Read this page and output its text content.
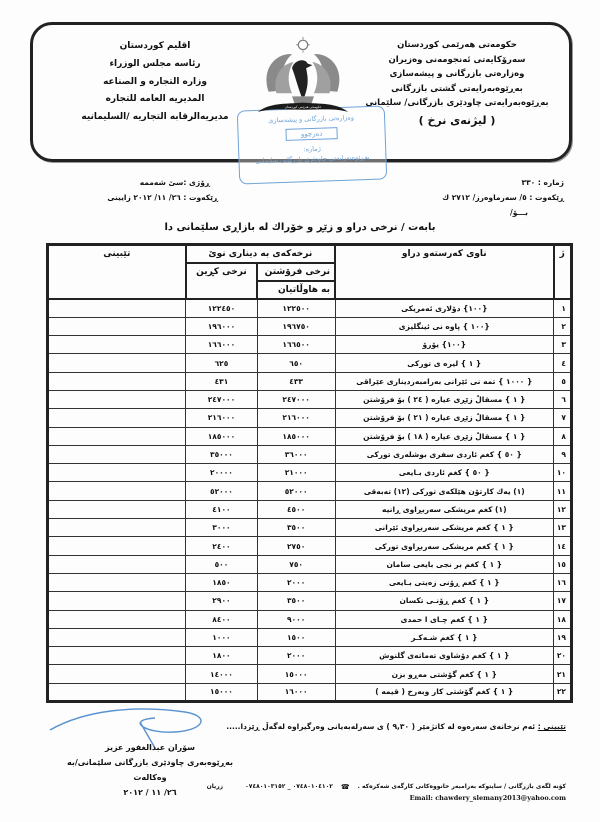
حکومەتی هەرێمی کوردستان
سەرۆکایەتی ئەنجومەنی وەزیران
وەزارەتی بازرگانی و پیشەسازی
بەڕێوەبەرایەتی گشتی بازرگانی
بەڕێوەبەرایەتی چاودێری بازرگانی/ سلێمانی
( لیژنەی نرخ )
اقليم كوردستان
رئاسه مجلس الوزراء
وزاره التجاره و الصناعه
المديريه العامه للتجاره
مديريه‌الرقابه التجاريه /السليمانيه
حکومەتی هەرێمی کوردستان
وەزارەتی بازرگانی و پیشەسازی
دەرچوو
ژمارە:
بەڕێوەبەرایەتی چاودێری بازرگانی سلێمانی
ژمارە : ٣٣٠
ڕێکەوت : ٥/ سەرماوەرز/ ٢٧١٢ ك
بـــۆ/
ڕۆژی :سێ شەممە
ڕێکەوت : ٢٦/ ١١/ ٢٠١٢ زایینی
بابەت / نرخی دراو و زێڕ و خۆراك لە بازاڕی سلێمانی دا
ژ	ناوی کەرستەو دراو	نرخەکەی بە دیناری نوێ		تێبینی
		نرخی فرۆشتن	نرخی کڕین	
		بە هاوڵاتیان		
١	{١٠٠} دۆلاری ئەمریکی	١٢٢٥٠٠	١٢٢٤٥٠	
٢	{١٠٠ } پاوە نی ئینگلیزی	١٩٦٧٥٠	١٩٦٠٠٠	
٣	{١٠٠} یۆرۆ	١٦٦٥٠٠	١٦٦٠٠٠	
٤	{ ١ } لیرە ی تورکی	٦٥٠	٦٢٥	
٥	{ ١٠٠٠ } تمە نی ئێرانی بەرامبەردیناری عێراقی	٤٣٣	٤٣١	
٦	{ ١ } مسقالٌ زێڕی عیارە ( ٢٤ ) بۆ فرۆشتن	٢٤٧٠٠٠	٢٤٧٠٠٠	
٧	{ ١ } مسقالٌ زێڕی عیارە ( ٢١ ) بۆ فرۆشتن	٢١٦٠٠٠	٢١٦٠٠٠	
٨	{ ١ } مسقالٌ زێڕی عیارە ( ١٨ ) بۆ فرۆشتن	١٨٥٠٠٠	١٨٥٠٠٠	
٩	{ ٥٠ } کغم ئاردی سفری بوشلەری تورکی	٣٦٠٠٠	٣٥٠٠٠	
١٠	{ ٥٠ } کغم ئاردی بـایعی	٢١٠٠٠	٢٠٠٠٠	
١١	(١) یەك کارتۆن هێلکەی تورکی (١٢) تەبەقی	٥٢٠٠٠	٥٢٠٠٠	
١٢	(١) کغم مریشکی سەربڕاوی ڕانیە	٤٥٠٠	٤١٠٠	
١٣	{ ١ } کغم مریشکی سەربڕاوی ئێرانی	٣٥٠٠	٣٠٠٠	
١٤	{ ١ } کغم مریشکی سەربڕاوی تورکی	٢٧٥٠	٢٤٠٠	
١٥	{ ١ } کغم بر نجی بایعی سامان	٧٥٠	٥٠٠	
١٦	{ ١ } کغم ڕۆنی زەیتی بـایعی	٢٠٠٠	١٨٥٠	
١٧	{ ١ } کغم ڕۆنـی تکسان	٣٥٠٠	٢٩٠٠	
١٨	{ ١ } کغم چـای ا حمدی	٩٠٠٠	٨٤٠٠	
١٩	{ ١ } کغم شـەکـر	١٥٠٠	١٠٠٠	
٢٠	{ ١ } کغم دۆشاوی تەماتەی گلنوش	٢٠٠٠	١٨٠٠	
٢١	{ ١ } کغم گۆشتی مەڕو بزن	١٥٠٠٠	١٤٠٠٠	
٢٢	{ ١ } کغم گۆشتی کار وبەرخ ( قیمە )	١٦٠٠٠	١٥٠٠٠	
تێبینی : ئەم نرخانەی سەرەوە لە کاتژمێر ( ٩,٣٠ ) ی سەرلەبەیانی وەرگیراوە لەگەڵ ڕێزدا.....
سۆران عبدالغفور عزیز
بەڕێوەبەری چاودێری بازرگانی سلێمانی/بە وەکالەت
٢٦/ ١١ / ٢٠١٢
کۆنە لگەی بازرگانی / سایتوکە بەرامبەر خانووەکانی کارگەی شەکرەکە .
☎
٠٧٤٨٠١٠٤١٠٢ _ ٠٧٤٨٠١٠٣١٥٢
زریان
Email: chawdery_slemany2013@yahoo.com
